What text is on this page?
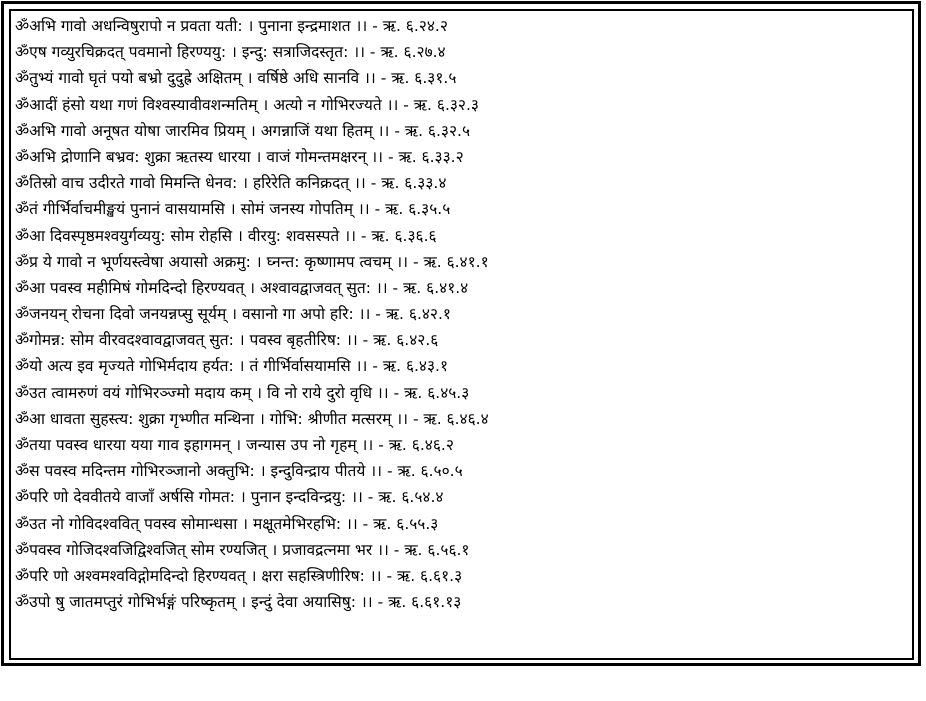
ॐअभि गावो अधन्विषुरापो न प्रवता यती: । पुनाना इन्द्रमाशत ।। - ऋ. ६.२४.२
ॐएष गव्युरचिक्रदत् पवमानो हिरण्ययु: । इन्दु: सत्राजिदस्तृत: ।। - ऋ. ६.२७.४
ॐतुभ्यं गावो घृतं पयो बभ्रो दुदुह्रे अक्षितम् । वर्षिष्ठे अधि सानवि ।। - ऋ. ६.३१.५
ॐआदीं हंसो यथा गणं विश्वस्यावीवशन्मतिम् । अत्यो न गोभिरज्यते ।। - ऋ. ६.३२.३
ॐअभि गावो अनूषत योषा जारमिव प्रियम् । अगन्नाजिं यथा हितम् ।। - ऋ. ६.३२.५
ॐअभि द्रोणानि बभ्रव: शुक्रा ऋतस्य धारया । वाजं गोमन्तमक्षरन् ।। - ऋ. ६.३३.२
ॐतिस्रो वाच उदीरते गावो मिमन्ति धेनव: । हरिरेति कनिक्रदत् ।। - ऋ. ६.३३.४
ॐतं गीर्भिर्वाचमीङ्खयं पुनानं वासयामसि । सोमं जनस्य गोपतिम् ।। - ऋ. ६.३५.५
ॐआ दिवस्पृष्ठमश्वयुर्गव्ययु: सोम रोहसि । वीरयु: शवसस्पते ।। - ऋ. ६.३६.६
ॐप्र ये गावो न भूर्णयस्त्वेषा अयासो अक्रमु: । घ्नन्त: कृष्णामप त्वचम् ।। - ऋ. ६.४१.१
ॐआ पवस्व महीमिषं गोमदिन्दो हिरण्यवत् । अश्वावद्वाजवत् सुत: ।। - ऋ. ६.४१.४
ॐजनयन् रोचना दिवो जनयन्नप्सु सूर्यम् । वसानो गा अपो हरि: ।। - ऋ. ६.४२.१
ॐगोमन्न: सोम वीरवदश्वावद्वाजवत् सुत: । पवस्व बृहतीरिष: ।। - ऋ. ६.४२.६
ॐयो अत्य इव मृज्यते गोभिर्मदाय हर्यत: । तं गीर्भिर्वासयामसि ।। - ऋ. ६.४३.१
ॐउत त्वामरुणं वयं गोभिरञ्ज्मो मदाय कम् । वि नो राये दुरो वृधि ।। - ऋ. ६.४५.३
ॐआ धावता सुहस्त्य: शुक्रा गृभ्णीत मन्थिना । गोभि: श्रीणीत मत्सरम् ।। - ऋ. ६.४६.४
ॐतया पवस्व धारया यया गाव इहागमन् । जन्यास उप नो गृहम् ।। - ऋ. ६.४६.२
ॐस पवस्व मदिन्तम गोभिरञ्जानो अक्तुभि: । इन्दुविन्द्राय पीतये ।। - ऋ. ६.५०.५
ॐपरि णो देववीतये वाजाँ अर्षसि गोमत: । पुनान इन्दविन्द्रयु: ।। - ऋ. ६.५४.४
ॐउत नो गोविदश्ववित् पवस्व सोमान्धसा । मक्षूतमेभिरहभि: ।। - ऋ. ६.५५.३
ॐपवस्व गोजिदश्वजिद्विश्वजित् सोम रण्यजित् । प्रजावद्रत्नमा भर ।। - ऋ. ६.५६.१
ॐपरि णो अश्वमश्वविद्गोमदिन्दो हिरण्यवत् । क्षरा सहस्त्रिणीरिष: ।। - ऋ. ६.६१.३
ॐउपो षु जातमप्तुरं गोभिर्भङ्गं परिष्कृतम् । इन्दुं देवा अयासिषु: ।। - ऋ. ६.६१.१३
